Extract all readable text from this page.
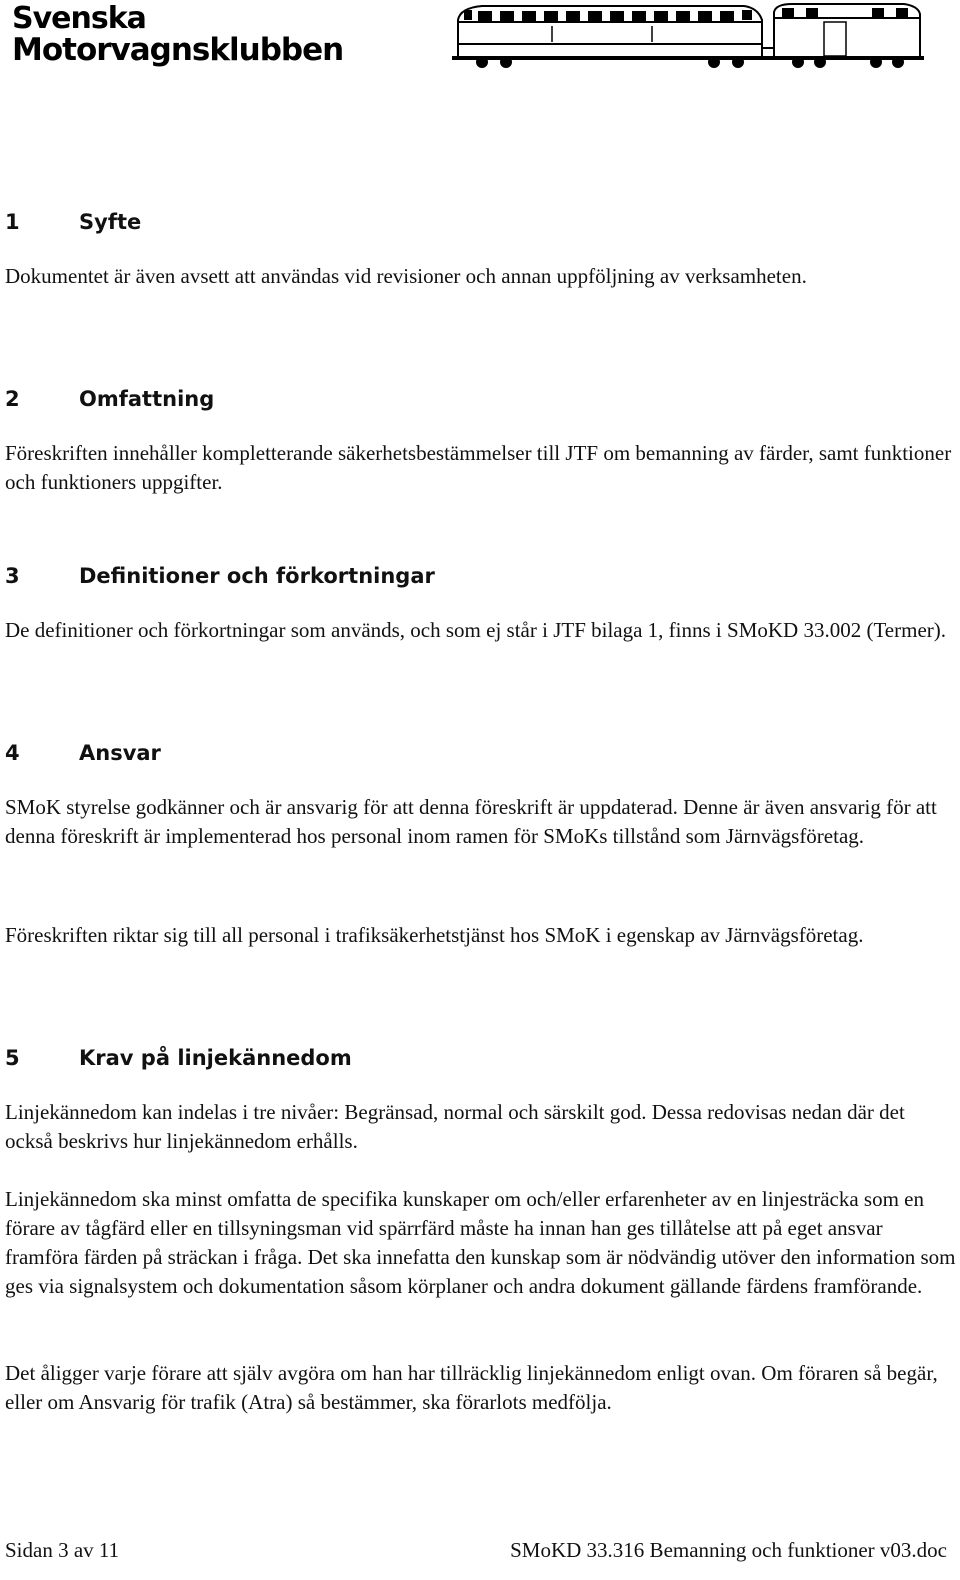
Svenska
Motorvagnsklubben
1	Syfte

Dokumentet är även avsett att användas vid revisioner och annan uppföljning av verksamheten.

2	Omfattning

Föreskriften innehåller kompletterande säkerhetsbestämmelser till JTF om bemanning av färder, samt funktioner och funktioners uppgifter.

3	Definitioner och förkortningar

De definitioner och förkortningar som används, och som ej står i JTF bilaga 1, finns i SMoKD 33.002 (Termer).

4	Ansvar

SMoK styrelse godkänner och är ansvarig för att denna föreskrift är uppdaterad. Denne är även ansvarig för att denna föreskrift är implementerad hos personal inom ramen för SMoKs tillstånd som Järnvägsföretag.

Föreskriften riktar sig till all personal i trafiksäkerhetstjänst hos SMoK i egenskap av Järnvägsföretag.

5	Krav på linjekännedom

Linjekännedom kan indelas i tre nivåer: Begränsad, normal och särskilt god. Dessa redovisas nedan där det också beskrivs hur linjekännedom erhålls.

Linjekännedom ska minst omfatta de specifika kunskaper om och/eller erfarenheter av en linjesträcka som en förare av tågfärd eller en tillsyningsman vid spärrfärd måste ha innan han ges tillåtelse att på eget ansvar framföra färden på sträckan i fråga. Det ska innefatta den kunskap som är nödvändig utöver den information som ges via signalsystem och dokumentation såsom körplaner och andra dokument gällande färdens framförande.

Det åligger varje förare att själv avgöra om han har tillräcklig linjekännedom enligt ovan. Om föraren så begär, eller om Ansvarig för trafik (Atra) så bestämmer, ska förarlots medfölja.

Sidan 3 av 11	SMoKD 33.316 Bemanning och funktioner v03.doc
